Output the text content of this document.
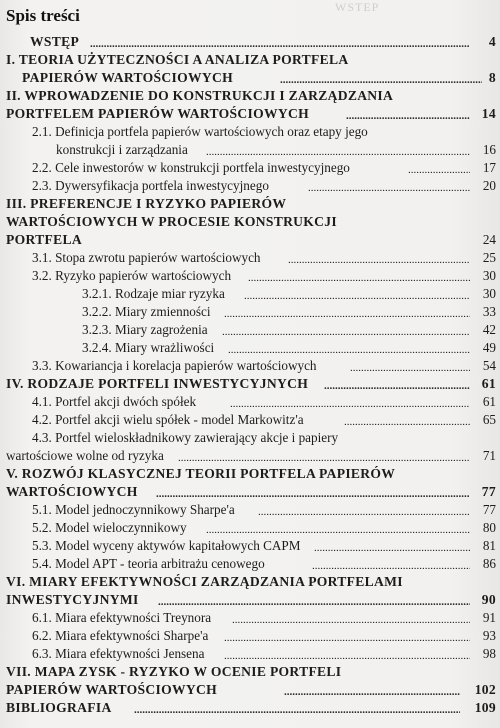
WSTEP
Spis treści
WSTĘP .....	4
I. TEORIA UŻYTECZNOŚCI A ANALIZA PORTFELA
PAPIERÓW WARTOŚCIOWYCH .....	8
II. WPROWADZENIE DO KONSTRUKCJI I ZARZĄDZANIA
PORTFELEM PAPIERÓW WARTOŚCIOWYCH .....	14
2.1. Definicja portfela papierów wartościowych oraz etapy jego
konstrukcji i zarządzania .....	16
2.2. Cele inwestorów w konstrukcji portfela inwestycyjnego .....	17
2.3. Dywersyfikacja portfela inwestycyjnego .....	20
III. PREFERENCJE I RYZYKO PAPIERÓW
WARTOŚCIOWYCH W PROCESIE KONSTRUKCJI
PORTFELA	24
3.1. Stopa zwrotu papierów wartościowych .....	25
3.2. Ryzyko papierów wartościowych .....	30
3.2.1. Rodzaje miar ryzyka .....	30
3.2.2. Miary zmienności .....	33
3.2.3. Miary zagrożenia .....	42
3.2.4. Miary wrażliwości .....	49
3.3. Kowariancja i korelacja papierów wartościowych .....	54
IV. RODZAJE PORTFELI INWESTYCYJNYCH .....	61
4.1. Portfel akcji dwóch spółek .....	61
4.2. Portfel akcji wielu spółek - model Markowitz'a .....	65
4.3. Portfel wieloskładnikowy zawierający akcje i papiery
wartościowe wolne od ryzyka .....	71
V. ROZWÓJ KLASYCZNEJ TEORII PORTFELA PAPIERÓW
WARTOŚCIOWYCH .....	77
5.1. Model jednoczynnikowy Sharpe'a .....	77
5.2. Model wieloczynnikowy .....	80
5.3. Model wyceny aktywów kapitałowych CAPM .....	81
5.4. Model APT - teoria arbitrażu cenowego .....	86
VI. MIARY EFEKTYWNOŚCI ZARZĄDZANIA PORTFELAMI
INWESTYCYJNYMI .....	90
6.1. Miara efektywności Treynora .....	91
6.2. Miara efektywności Sharpe'a .....	93
6.3. Miara efektywności Jensena .....	98
VII. MAPA ZYSK - RYZYKO W OCENIE PORTFELI
PAPIERÓW WARTOŚCIOWYCH .....	102
BIBLIOGRAFIA .....	109
